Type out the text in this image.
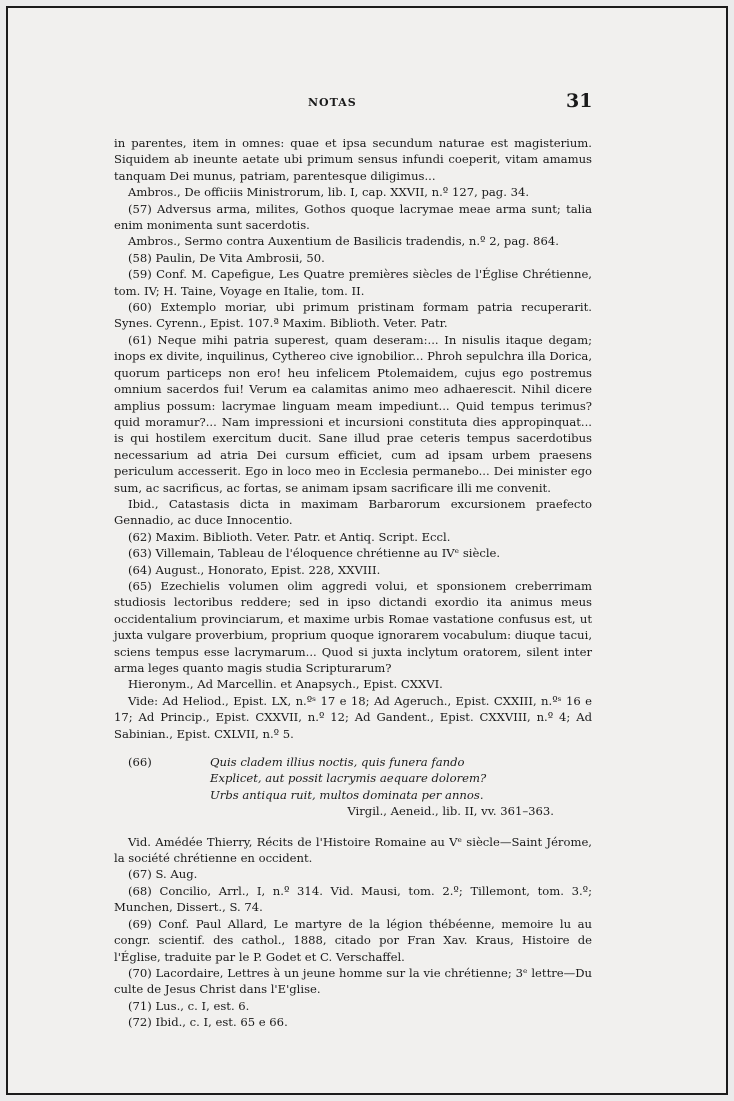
NOTAS	31

in parentes, item in omnes: quae et ipsa secundum naturae est magisterium. Siquidem ab ineunte aetate ubi primum sensus infundi coeperit, vitam amamus tanquam Dei munus, patriam, parentesque diligimus...

Ambros., De officiis Ministrorum, lib. I, cap. XXVII, n.º 127, pag. 34.

(57) Adversus arma, milites, Gothos quoque lacrymae meae arma sunt; talia enim monimenta sunt sacerdotis.

Ambros., Sermo contra Auxentium de Basilicis tradendis, n.º 2, pag. 864.

(58) Paulin, De Vita Ambrosii, 50.

(59) Conf. M. Capefigue, Les Quatre premières siècles de l'Église Chrétienne, tom. IV; H. Taine, Voyage en Italie, tom. II.

(60) Extemplo moriar, ubi primum pristinam formam patria recuperarit. Synes. Cyrenn., Epist. 107.ª Maxim. Biblioth. Veter. Patr.

(61) Neque mihi patria superest, quam deseram:... In nisulis itaque degam; inops ex divite, inquilinus, Cythereo cive ignobilior... Phroh sepulchra illa Dorica, quorum particeps non ero! heu infelicem Ptolemaidem, cujus ego postremus omnium sacerdos fui! Verum ea calamitas animo meo adhaerescit. Nihil dicere amplius possum: lacrymae linguam meam impediunt... Quid tempus terimus? quid moramur?... Nam impressioni et incursioni constituta dies appropinquat... is qui hostilem exercitum ducit. Sane illud prae ceteris tempus sacerdotibus necessarium ad atria Dei cursum efficiet, cum ad ipsam urbem praesens periculum accesserit. Ego in loco meo in Ecclesia permanebo... Dei minister ego sum, ac sacrificus, ac fortas, se animam ipsam sacrificare illi me convenit.

Ibid., Catastasis dicta in maximam Barbarorum excursionem praefecto Gennadio, ac duce Innocentio.

(62) Maxim. Biblioth. Veter. Patr. et Antiq. Script. Eccl.

(63) Villemain, Tableau de l'éloquence chrétienne au IVᵉ siècle.

(64) August., Honorato, Epist. 228, XXVIII.

(65) Ezechielis volumen olim aggredi volui, et sponsionem creberrimam studiosis lectoribus reddere; sed in ipso dictandi exordio ita animus meus occidentalium provinciarum, et maxime urbis Romae vastatione confusus est, ut juxta vulgare proverbium, proprium quoque ignorarem vocabulum: diuque tacui, sciens tempus esse lacrymarum... Quod si juxta inclytum oratorem, silent inter arma leges quanto magis studia Scripturarum?

Hieronym., Ad Marcellin. et Anapsych., Epist. CXXVI.

Vide: Ad Heliod., Epist. LX, n.ºˢ 17 e 18; Ad Ageruch., Epist. CXXIII, n.ºˢ 16 e 17; Ad Princip., Epist. CXXVII, n.º 12; Ad Gandent., Epist. CXXVIII, n.º 4; Ad Sabinian., Epist. CXLVII, n.º 5.

(66)	Quis cladem illius noctis, quis funera fando
Explicet, aut possit lacrymis aequare dolorem?
Urbs antiqua ruit, multos dominata per annos.
Virgil., Aeneid., lib. II, vv. 361–363.

Vid. Amédée Thierry, Récits de l'Histoire Romaine au Vᵉ siècle—Saint Jérome, la société chrétienne en occident.

(67) S. Aug.

(68) Concilio, Arrl., I, n.º 314. Vid. Mausi, tom. 2.º; Tillemont, tom. 3.º; Munchen, Dissert., S. 74.

(69) Conf. Paul Allard, Le martyre de la légion thébéenne, memoire lu au congr. scientif. des cathol., 1888, citado por Fran Xav. Kraus, Histoire de l'Église, traduite par le P. Godet et C. Verschaffel.

(70) Lacordaire, Lettres à un jeune homme sur la vie chrétienne; 3ᵉ lettre—Du culte de Jesus Christ dans l'E'glise.

(71) Lus., c. I, est. 6.

(72) Ibid., c. I, est. 65 e 66.
